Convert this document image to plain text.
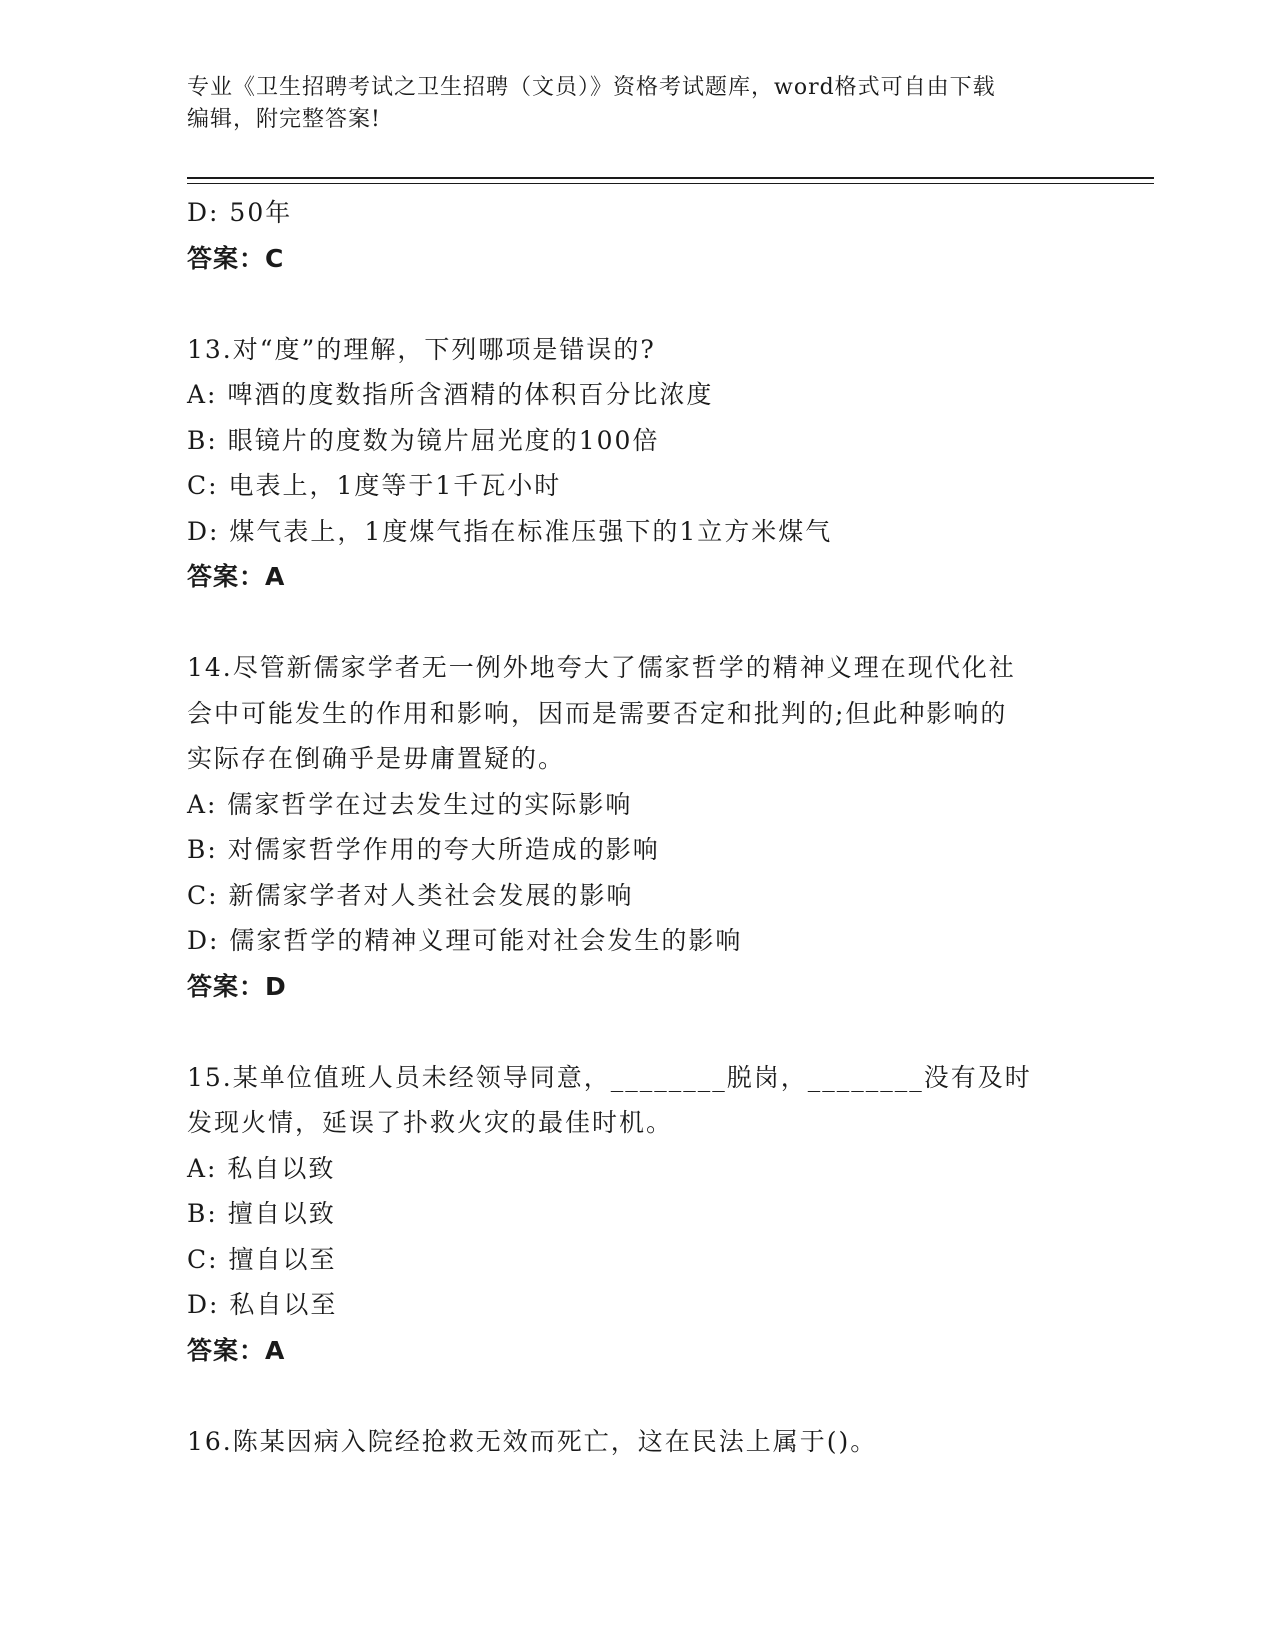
专业《卫生招聘考试之卫生招聘（文员）》资格考试题库，word格式可自由下载
编辑，附完整答案!
D: 50年
答案：C
13.对“度”的理解，下列哪项是错误的?
A: 啤酒的度数指所含酒精的体积百分比浓度
B: 眼镜片的度数为镜片屈光度的100倍
C: 电表上，1度等于1千瓦小时
D: 煤气表上，1度煤气指在标准压强下的1立方米煤气
答案：A
14.尽管新儒家学者无一例外地夸大了儒家哲学的精神义理在现代化社
会中可能发生的作用和影响，因而是需要否定和批判的;但此种影响的
实际存在倒确乎是毋庸置疑的。
A: 儒家哲学在过去发生过的实际影响
B: 对儒家哲学作用的夸大所造成的影响
C: 新儒家学者对人类社会发展的影响
D: 儒家哲学的精神义理可能对社会发生的影响
答案：D
15.某单位值班人员未经领导同意，________脱岗，________没有及时
发现火情，延误了扑救火灾的最佳时机。
A: 私自以致
B: 擅自以致
C: 擅自以至
D: 私自以至
答案：A
16.陈某因病入院经抢救无效而死亡，这在民法上属于()。
